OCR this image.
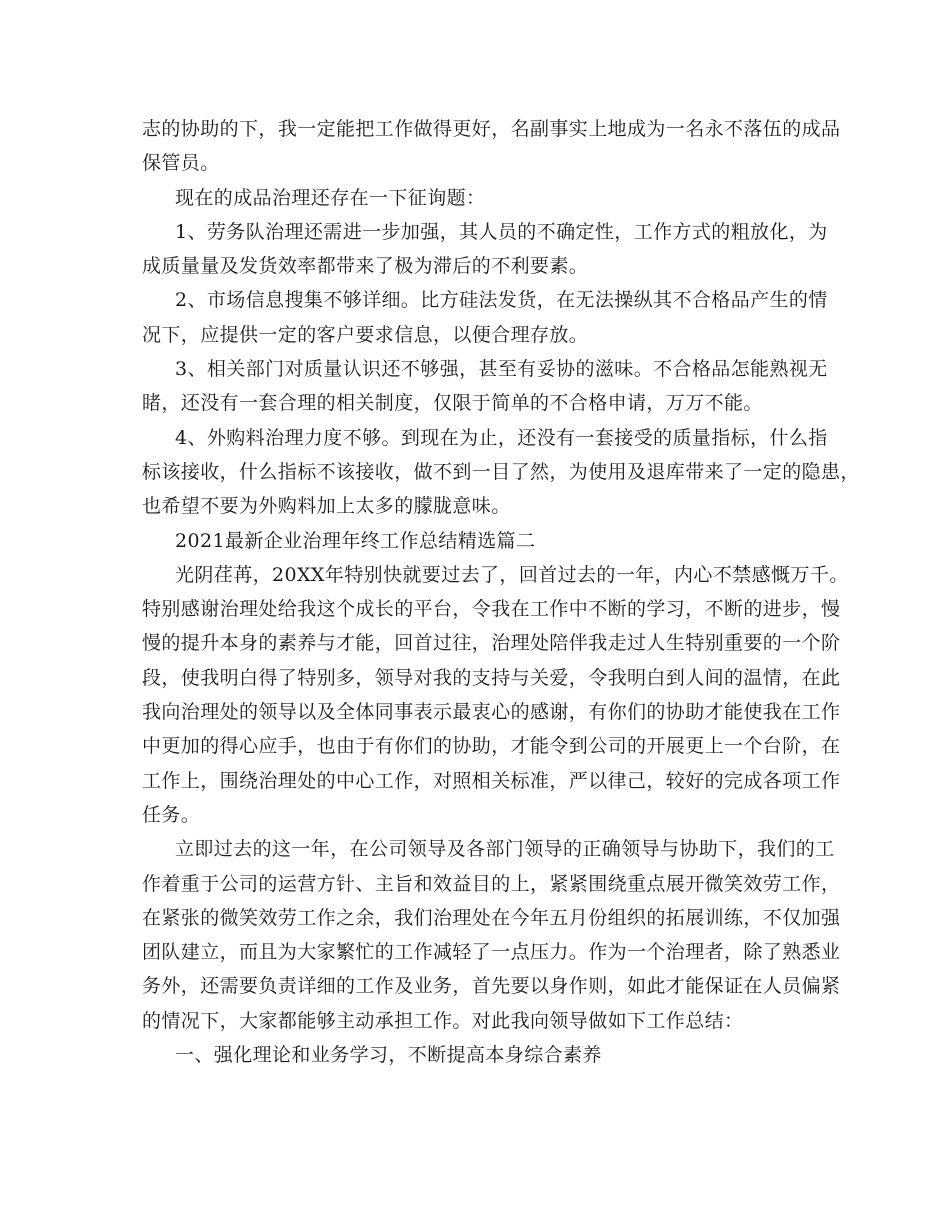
志的协助的下，我一定能把工作做得更好，名副事实上地成为一名永不落伍的成品
保管员。
现在的成品治理还存在一下征询题：
1、劳务队治理还需进一步加强，其人员的不确定性，工作方式的粗放化，为
成质量量及发货效率都带来了极为滞后的不利要素。
2、市场信息搜集不够详细。比方硅法发货，在无法操纵其不合格品产生的情
况下，应提供一定的客户要求信息，以便合理存放。
3、相关部门对质量认识还不够强，甚至有妥协的滋味。不合格品怎能熟视无
睹，还没有一套合理的相关制度，仅限于简单的不合格申请，万万不能。
4、外购料治理力度不够。到现在为止，还没有一套接受的质量指标，什么指
标该接收，什么指标不该接收，做不到一目了然，为使用及退库带来了一定的隐患，
也希望不要为外购料加上太多的朦胧意味。
2021最新企业治理年终工作总结精选篇二
光阴荏苒，20XX年特别快就要过去了，回首过去的一年，内心不禁感慨万千。
特别感谢治理处给我这个成长的平台，令我在工作中不断的学习，不断的进步，慢
慢的提升本身的素养与才能，回首过往，治理处陪伴我走过人生特别重要的一个阶
段，使我明白得了特别多，领导对我的支持与关爱，令我明白到人间的温情，在此
我向治理处的领导以及全体同事表示最衷心的感谢，有你们的协助才能使我在工作
中更加的得心应手，也由于有你们的协助，才能令到公司的开展更上一个台阶，在
工作上，围绕治理处的中心工作，对照相关标准，严以律己，较好的完成各项工作
任务。
立即过去的这一年，在公司领导及各部门领导的正确领导与协助下，我们的工
作着重于公司的运营方针、主旨和效益目的上，紧紧围绕重点展开微笑效劳工作，
在紧张的微笑效劳工作之余，我们治理处在今年五月份组织的拓展训练，不仅加强
团队建立，而且为大家繁忙的工作减轻了一点压力。作为一个治理者，除了熟悉业
务外，还需要负责详细的工作及业务，首先要以身作则，如此才能保证在人员偏紧
的情况下，大家都能够主动承担工作。对此我向领导做如下工作总结：
一、强化理论和业务学习，不断提高本身综合素养
